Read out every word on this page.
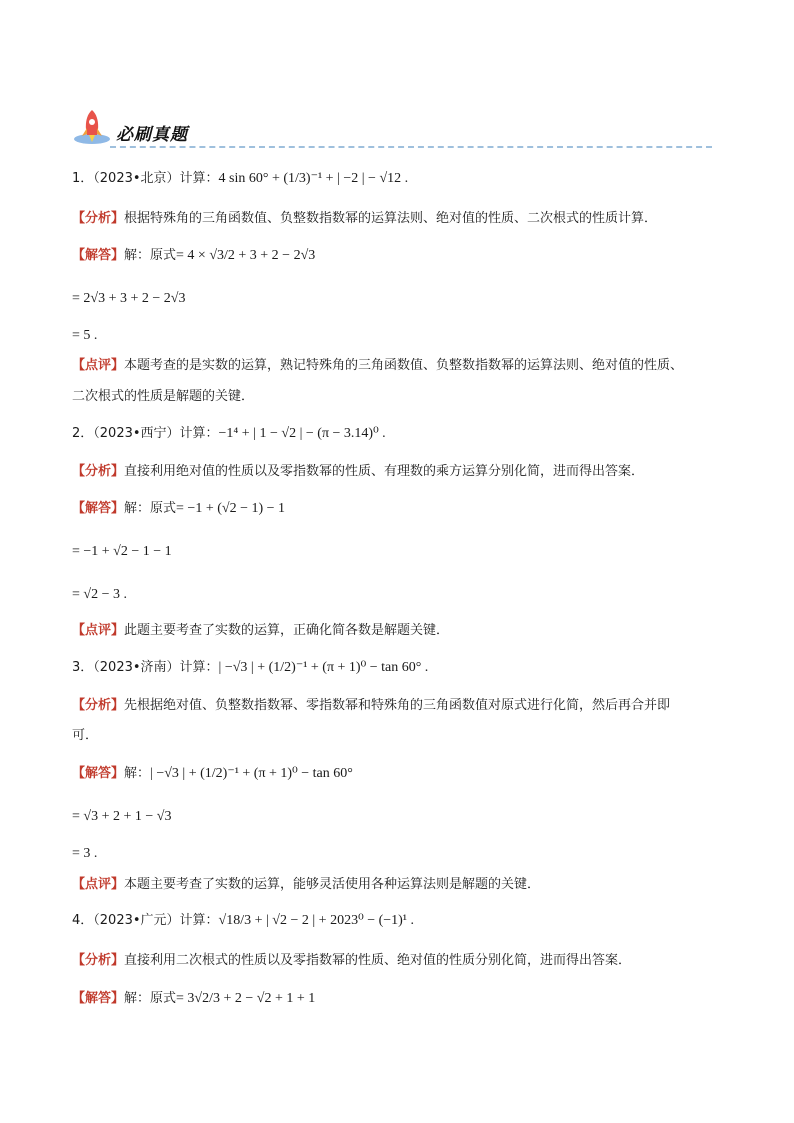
必刷真题
1．（2023•北京）计算：4 sin 60° + (1/3)⁻¹ + | −2 | − √12 .
【分析】根据特殊角的三角函数值、负整数指数幂的运算法则、绝对值的性质、二次根式的性质计算．
【解答】解：原式= 4 × √3/2 + 3 + 2 − 2√3
= 2√3 + 3 + 2 − 2√3
= 5 .
【点评】本题考查的是实数的运算，熟记特殊角的三角函数值、负整数指数幂的运算法则、绝对值的性质、
二次根式的性质是解题的关键．
2．（2023•西宁）计算：−1⁴ + | 1 − √2 | − (π − 3.14)⁰ .
【分析】直接利用绝对值的性质以及零指数幂的性质、有理数的乘方运算分别化简，进而得出答案．
【解答】解：原式= −1 + (√2 − 1) − 1
= −1 + √2 − 1 − 1
= √2 − 3 .
【点评】此题主要考查了实数的运算，正确化简各数是解题关键．
3．（2023•济南）计算：| −√3 | + (1/2)⁻¹ + (π + 1)⁰ − tan 60° .
【分析】先根据绝对值、负整数指数幂、零指数幂和特殊角的三角函数值对原式进行化简，然后再合并即
可．
【解答】解：| −√3 | + (1/2)⁻¹ + (π + 1)⁰ − tan 60°
= √3 + 2 + 1 − √3
= 3 .
【点评】本题主要考查了实数的运算，能够灵活使用各种运算法则是解题的关键．
4．（2023•广元）计算：√18/3 + | √2 − 2 | + 2023⁰ − (−1)¹ .
【分析】直接利用二次根式的性质以及零指数幂的性质、绝对值的性质分别化简，进而得出答案．
【解答】解：原式= 3√2/3 + 2 − √2 + 1 + 1
